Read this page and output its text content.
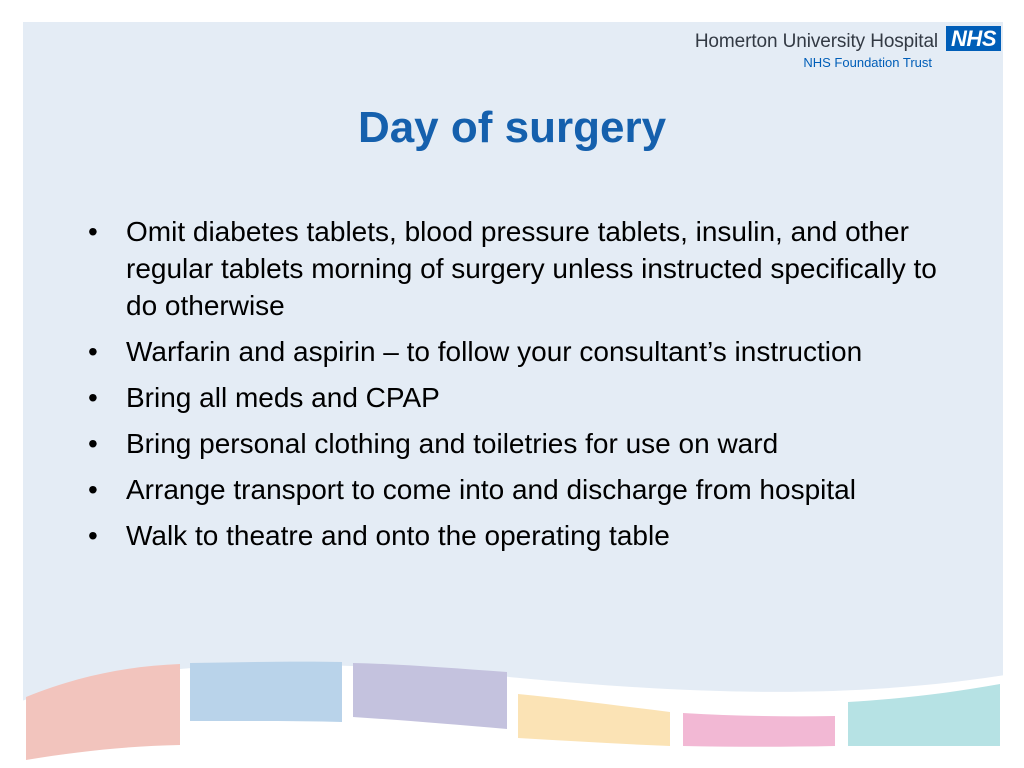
Homerton University Hospital NHS
NHS Foundation Trust
Day of surgery
•	Omit diabetes tablets, blood pressure tablets, insulin, and other regular tablets morning of surgery unless instructed specifically to do otherwise
•	Warfarin and aspirin – to follow your consultant’s instruction
•	Bring all meds and CPAP
•	Bring personal clothing and toiletries for use on ward
•	Arrange transport to come into and discharge from hospital
•	Walk to theatre and onto the operating table
